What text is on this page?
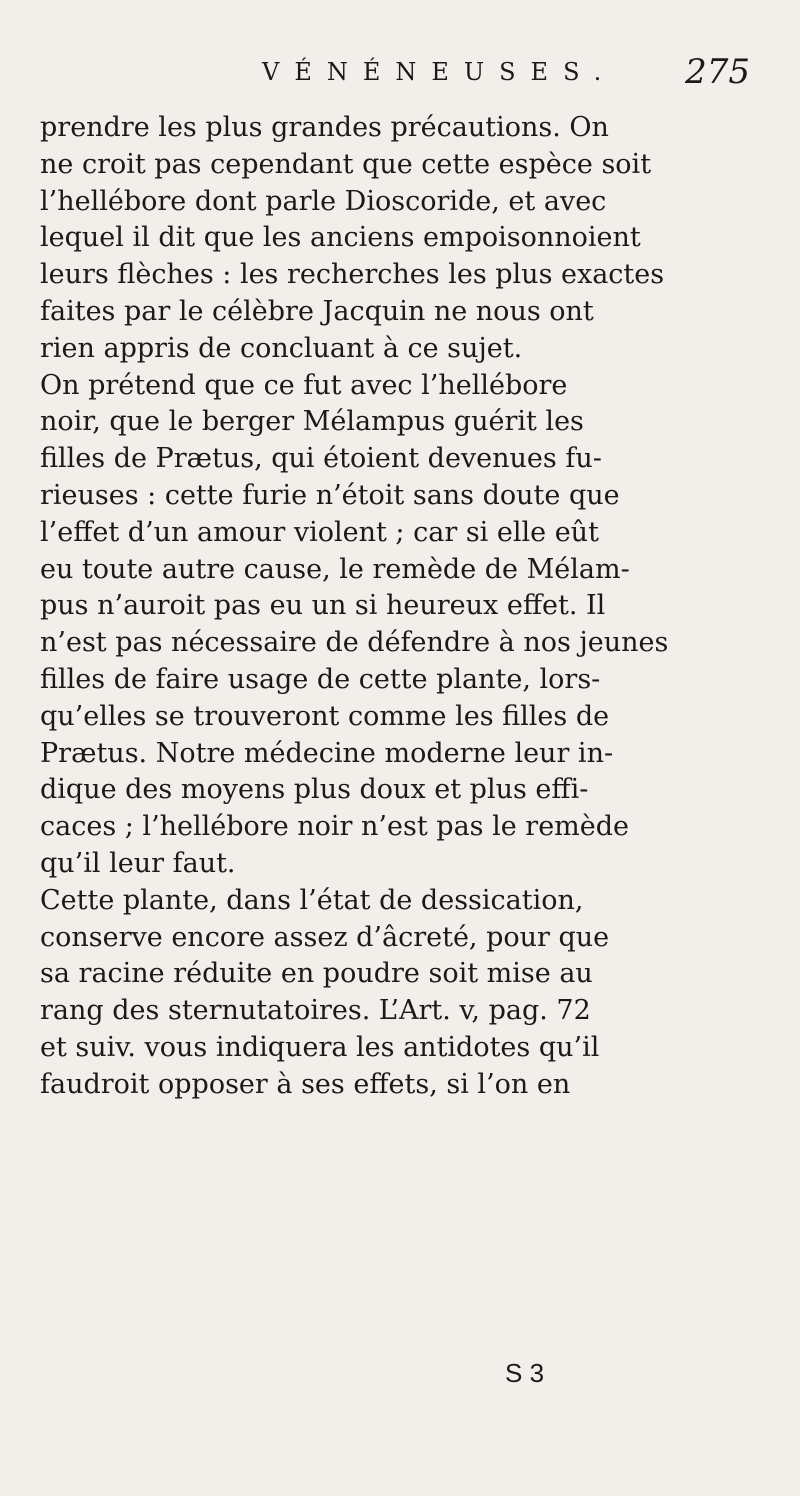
VÉNÉNEUSES. 275
prendre les plus grandes précautions. On
ne croit pas cependant que cette espèce soit
l’hellébore dont parle Dioscoride, et avec
lequel il dit que les anciens empoisonnoient
leurs flèches : les recherches les plus exactes
faites par le célèbre Jacquin ne nous ont
rien appris de concluant à ce sujet.
On prétend que ce fut avec l’hellébore
noir, que le berger Mélampus guérit les
filles de Prætus, qui étoient devenues fu-
rieuses : cette furie n’étoit sans doute que
l’effet d’un amour violent ; car si elle eût
eu toute autre cause, le remède de Mélam-
pus n’auroit pas eu un si heureux effet. Il
n’est pas nécessaire de défendre à nos jeunes
filles de faire usage de cette plante, lors-
qu’elles se trouveront comme les filles de
Prætus. Notre médecine moderne leur in-
dique des moyens plus doux et plus effi-
caces ; l’hellébore noir n’est pas le remède
qu’il leur faut.
Cette plante, dans l’état de dessication,
conserve encore assez d’âcreté, pour que
sa racine réduite en poudre soit mise au
rang des sternutatoires. L’Art. v, pag. 72
et suiv. vous indiquera les antidotes qu’il
faudroit opposer à ses effets, si l’on en
S 3
